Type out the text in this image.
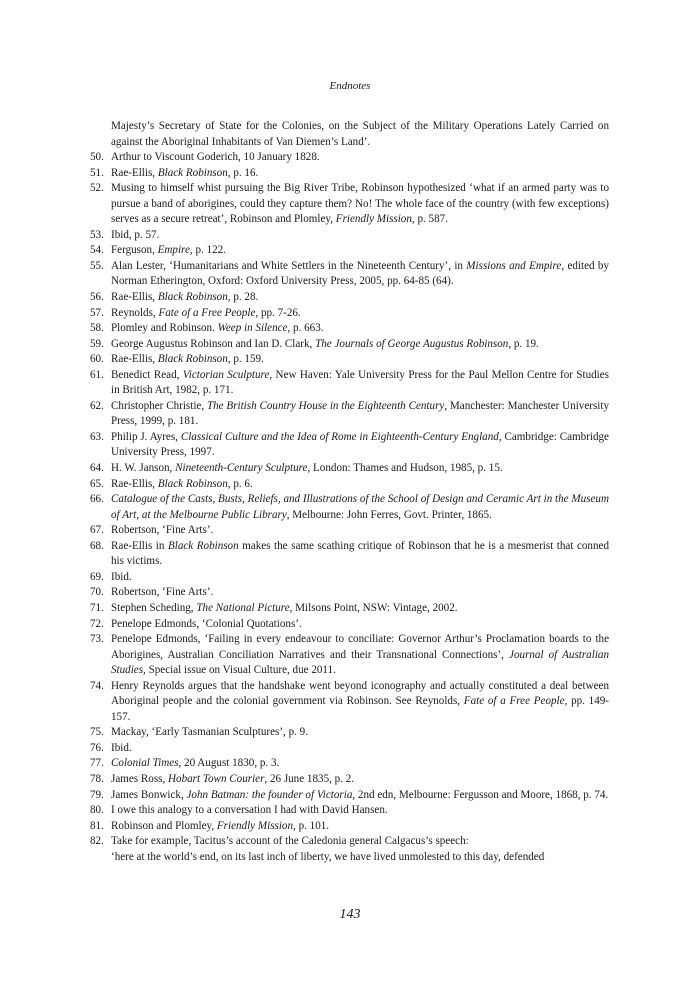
Endnotes
Majesty’s Secretary of State for the Colonies, on the Subject of the Military Operations Lately Carried on against the Aboriginal Inhabitants of Van Diemen’s Land’.
50. Arthur to Viscount Goderich, 10 January 1828.
51. Rae-Ellis, Black Robinson, p. 16.
52. Musing to himself whist pursuing the Big River Tribe, Robinson hypothesized ‘what if an armed party was to pursue a band of aborigines, could they capture them? No! The whole face of the country (with few exceptions) serves as a secure retreat’, Robinson and Plomley, Friendly Mission, p. 587.
53. Ibid, p. 57.
54. Ferguson, Empire, p. 122.
55. Alan Lester, ‘Humanitarians and White Settlers in the Nineteenth Century’, in Missions and Empire, edited by Norman Etherington, Oxford: Oxford University Press, 2005, pp. 64-85 (64).
56. Rae-Ellis, Black Robinson, p. 28.
57. Reynolds, Fate of a Free People, pp. 7-26.
58. Plomley and Robinson. Weep in Silence, p. 663.
59. George Augustus Robinson and Ian D. Clark, The Journals of George Augustus Robinson, p. 19.
60. Rae-Ellis, Black Robinson, p. 159.
61. Benedict Read, Victorian Sculpture, New Haven: Yale University Press for the Paul Mellon Centre for Studies in British Art, 1982, p. 171.
62. Christopher Christie, The British Country House in the Eighteenth Century, Manchester: Manchester University Press, 1999, p. 181.
63. Philip J. Ayres, Classical Culture and the Idea of Rome in Eighteenth-Century England, Cambridge: Cambridge University Press, 1997.
64. H. W. Janson, Nineteenth-Century Sculpture, London: Thames and Hudson, 1985, p. 15.
65. Rae-Ellis, Black Robinson, p. 6.
66. Catalogue of the Casts, Busts, Reliefs, and Illustrations of the School of Design and Ceramic Art in the Museum of Art, at the Melbourne Public Library, Melbourne: John Ferres, Govt. Printer, 1865.
67. Robertson, ‘Fine Arts’.
68. Rae-Ellis in Black Robinson makes the same scathing critique of Robinson that he is a mesmerist that conned his victims.
69. Ibid.
70. Robertson, ‘Fine Arts’.
71. Stephen Scheding, The National Picture, Milsons Point, NSW: Vintage, 2002.
72. Penelope Edmonds, ‘Colonial Quotations’.
73. Penelope Edmonds, ‘Failing in every endeavour to conciliate: Governor Arthur’s Proclamation boards to the Aborigines, Australian Conciliation Narratives and their Transnational Connections’, Journal of Australian Studies, Special issue on Visual Culture, due 2011.
74. Henry Reynolds argues that the handshake went beyond iconography and actually constituted a deal between Aboriginal people and the colonial government via Robinson. See Reynolds, Fate of a Free People, pp. 149-157.
75. Mackay, ‘Early Tasmanian Sculptures’, p. 9.
76. Ibid.
77. Colonial Times, 20 August 1830, p. 3.
78. James Ross, Hobart Town Courier, 26 June 1835, p. 2.
79. James Bonwick, John Batman: the founder of Victoria, 2nd edn, Melbourne: Fergusson and Moore, 1868, p. 74.
80. I owe this analogy to a conversation I had with David Hansen.
81. Robinson and Plomley, Friendly Mission, p. 101.
82. Take for example, Tacitus’s account of the Caledonia general Calgacus’s speech:
‘here at the world’s end, on its last inch of liberty, we have lived unmolested to this day, defended
143
